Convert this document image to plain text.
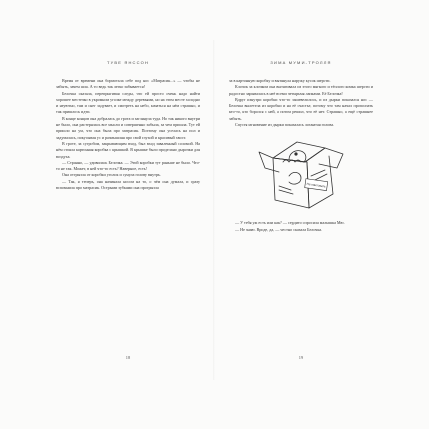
ТУВЕ ЯНССОН

Время от времени она бормотала себе под нос «Матрасик...» — чтобы не забыть, зачем шла. А то ведь так легко забывается!

Белочка сказала, перепрыгивая следы, что ей просто очень надо найти хорошее местечко в укромном уголке между деревьями, но на этом месте холодно и неуютно, там и снег задувает, и смотреть на небо, качаться на нём страшно, и так пришлось идти.

В конце концов она добралась до грота и заглянула туда. Но так никого внутри не было, она растерялась все мысли и совершенно забыла, за чем пришла. Тут ей пришло на ум, что она была про матрасик. Поэтому она уселась на пол и задумалась, покусывая ус и размышляя про свой глухой и красивый хвост.

В гроте, за сугробом, закрывающим вход, был вход заваленный соломой. На нём стояла картонная коробка с крышкой. В крышке было проделано дырочки для воздуха.

— Странно, — удивилась Белочка. — Этой коробки тут раньше не было. Что-то не так. Может, в ней что-то есть? Наверное, есть!

Она отгрызла от коробки уголок и сунула голову внутрь.

— Так, я теперь, она начинала носом на то, о чём она думала, и сразу вспомнила про матрасик. Острыми зубками она прогрызла

18
ЗИМА МУМИ-ТРОЛЛЯ

за в картонную коробку и вытянула наружу кусок шерсти.

Клочок за клочком она вытягивала из этого мягкого и тёплого комка шерсти и радостно зарывалась в неё всеми четырьмя лапками. Её Белочка!

Вдруг изнутри коробки что-то зашевелилось, и из дырки показался нос — Белочка вылетела из коробки и на её счастье, потому что там начал проползать кто-то, кто боролся с ней, а потом решил, что её нет. Страшно, а ещё страшнее забыть.

Спустя мгновение из дырки показалась лохматая голова.

Не кантовать

— У тебя уж есть или как? — сердито спросила малышка Мю.

— Не знаю. Вроде, да, — честно сказала Белочка.

19
